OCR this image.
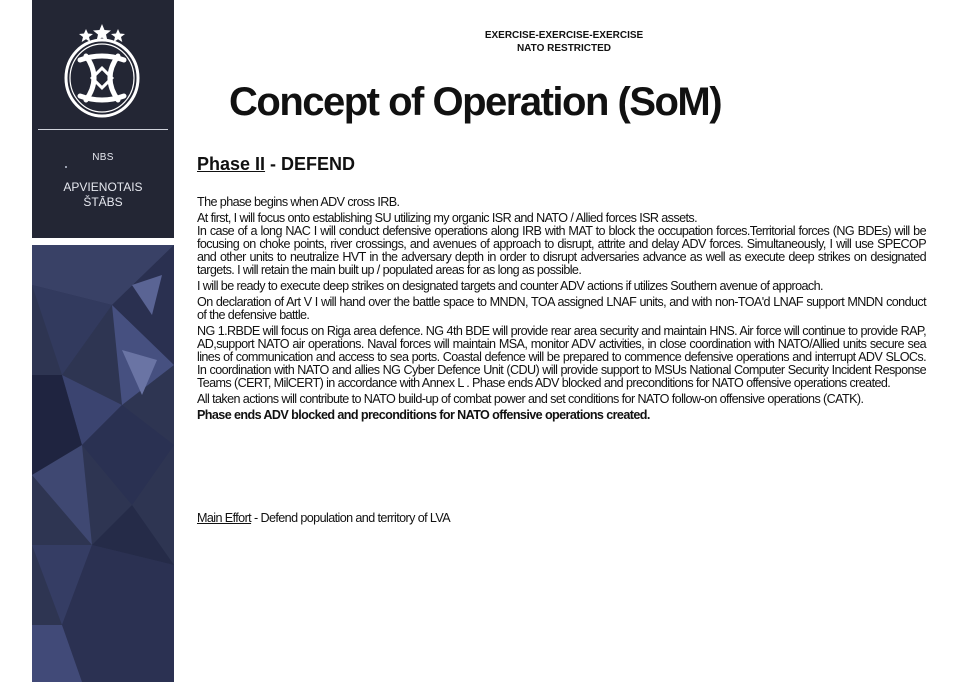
NBS
APVIENOTAIS
ŠTĀBS
EXERCISE-EXERCISE-EXERCISE
NATO RESTRICTED
Concept of Operation (SoM)
Phase II - DEFEND

The phase begins when ADV cross IRB.

At first, I will focus onto establishing SU utilizing my organic ISR and NATO / Allied forces ISR assets.

In case of a long NAC I will conduct defensive operations along IRB with MAT to block the occupation forces.Territorial forces (NG BDEs) will be focusing on choke points, river crossings, and avenues of approach to disrupt, attrite and delay ADV forces. Simultaneously, I will use SPECOP and other units to neutralize HVT in the adversary depth in order to disrupt adversaries advance as well as execute deep strikes on designated targets. I will retain the main built up / populated areas for as long as possible.

I will be ready to execute deep strikes on designated targets and counter ADV actions if utilizes Southern avenue of approach.

On declaration of Art V I will hand over the battle space to MNDN, TOA assigned LNAF units, and with non-TOA'd LNAF support MNDN conduct of the defensive battle.

NG 1.RBDE will focus on Riga area defence. NG 4th BDE will provide rear area security and maintain HNS. Air force will continue to provide RAP, AD,support NATO air operations. Naval forces will maintain MSA, monitor ADV activities, in close coordination with NATO/Allied units secure sea lines of communication and access to sea ports. Coastal defence will be prepared to commence defensive operations and interrupt ADV SLOCs. In coordination with NATO and allies NG Cyber Defence Unit (CDU) will provide support to MSUs National Computer Security Incident Response Teams (CERT, MilCERT) in accordance with Annex L . Phase ends ADV blocked and preconditions for NATO offensive operations created.

All taken actions will contribute to NATO build-up of combat power and set conditions for NATO follow-on offensive operations (CATK).

Phase ends ADV blocked and preconditions for NATO offensive operations created.

Main Effort - Defend population and territory of LVA
